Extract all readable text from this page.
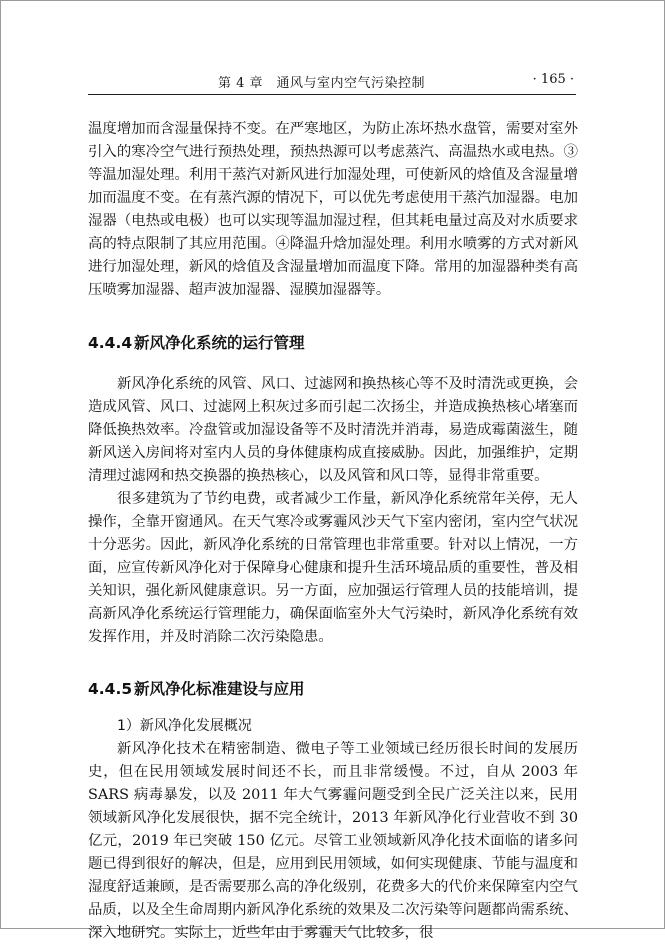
第 4 章　通风与室内空气污染控制	· 165 ·

温度增加而含湿量保持不变。在严寒地区，为防止冻坏热水盘管，需要对室外引入的寒冷空气进行预热处理，预热热源可以考虑蒸汽、高温热水或电热。③等温加湿处理。利用干蒸汽对新风进行加湿处理，可使新风的焓值及含湿量增加而温度不变。在有蒸汽源的情况下，可以优先考虑使用干蒸汽加湿器。电加湿器（电热或电极）也可以实现等温加湿过程，但其耗电量过高及对水质要求高的特点限制了其应用范围。④降温升焓加湿处理。利用水喷雾的方式对新风进行加湿处理，新风的焓值及含湿量增加而温度下降。常用的加湿器种类有高压喷雾加湿器、超声波加湿器、湿膜加湿器等。

4.4.4 新风净化系统的运行管理

新风净化系统的风管、风口、过滤网和换热核心等不及时清洗或更换，会造成风管、风口、过滤网上积灰过多而引起二次扬尘，并造成换热核心堵塞而降低换热效率。冷盘管或加湿设备等不及时清洗并消毒，易造成霉菌滋生，随新风送入房间将对室内人员的身体健康构成直接威胁。因此，加强维护，定期清理过滤网和热交换器的换热核心，以及风管和风口等，显得非常重要。

很多建筑为了节约电费，或者减少工作量，新风净化系统常年关停，无人操作，全靠开窗通风。在天气寒冷或雾霾风沙天气下室内密闭，室内空气状况十分恶劣。因此，新风净化系统的日常管理也非常重要。针对以上情况，一方面，应宣传新风净化对于保障身心健康和提升生活环境品质的重要性，普及相关知识，强化新风健康意识。另一方面，应加强运行管理人员的技能培训，提高新风净化系统运行管理能力，确保面临室外大气污染时，新风净化系统有效发挥作用，并及时消除二次污染隐患。

4.4.5 新风净化标准建设与应用
1）新风净化发展概况

新风净化技术在精密制造、微电子等工业领域已经历很长时间的发展历史，但在民用领域发展时间还不长，而且非常缓慢。不过，自从 2003 年 SARS 病毒暴发，以及 2011 年大气雾霾问题受到全民广泛关注以来，民用领域新风净化发展很快，据不完全统计，2013 年新风净化行业营收不到 30 亿元，2019 年已突破 150 亿元。尽管工业领域新风净化技术面临的诸多问题已得到很好的解决，但是，应用到民用领域，如何实现健康、节能与温度和湿度舒适兼顾，是否需要那么高的净化级别，花费多大的代价来保障室内空气品质，以及全生命周期内新风净化系统的效果及二次污染等问题都尚需系统、深入地研究。实际上，近些年由于雾霾天气比较多，很
